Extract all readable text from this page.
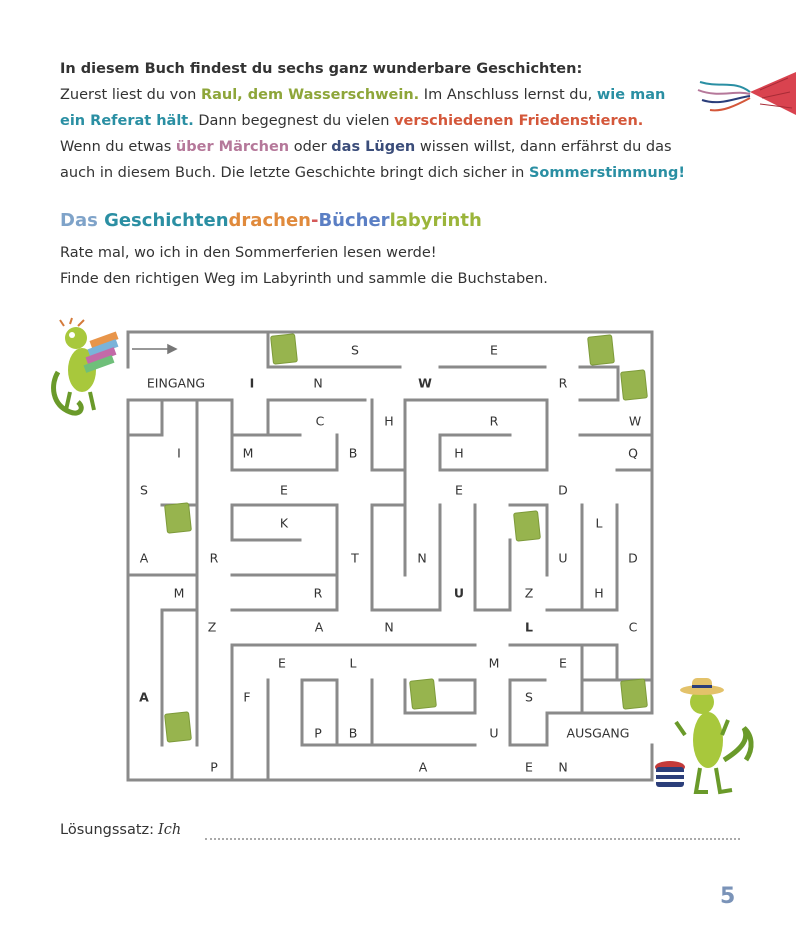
In diesem Buch findest du sechs ganz wunderbare Geschichten:

Zuerst liest du von Raul, dem Wasserschwein. Im Anschluss lernst du, wie man

ein Referat hält. Dann begegnest du vielen verschiedenen Friedenstieren.

Wenn du etwas über Märchen oder das Lügen wissen willst, dann erfährst du das

auch in diesem Buch. Die letzte Geschichte bringt dich sicher in Sommerstimmung!

Das Geschichtendrachen-Bücherlabyrinth

Rate mal, wo ich in den Sommerferien lesen werde!

Finde den richtigen Weg im Labyrinth und sammle die Buchstaben.

EINGANG
AUSGANG
S	E
I	N	W	R
C	H	R	W
I	M	B	H	Q
S	E	E	D
K	L
A	R	T	N	U	D
M	R	U	Z	H
Z	A	N	L	C
E	L	M	E
A	F	S
P B	U
P	A	E N
Lösungssatz: Ich
5
